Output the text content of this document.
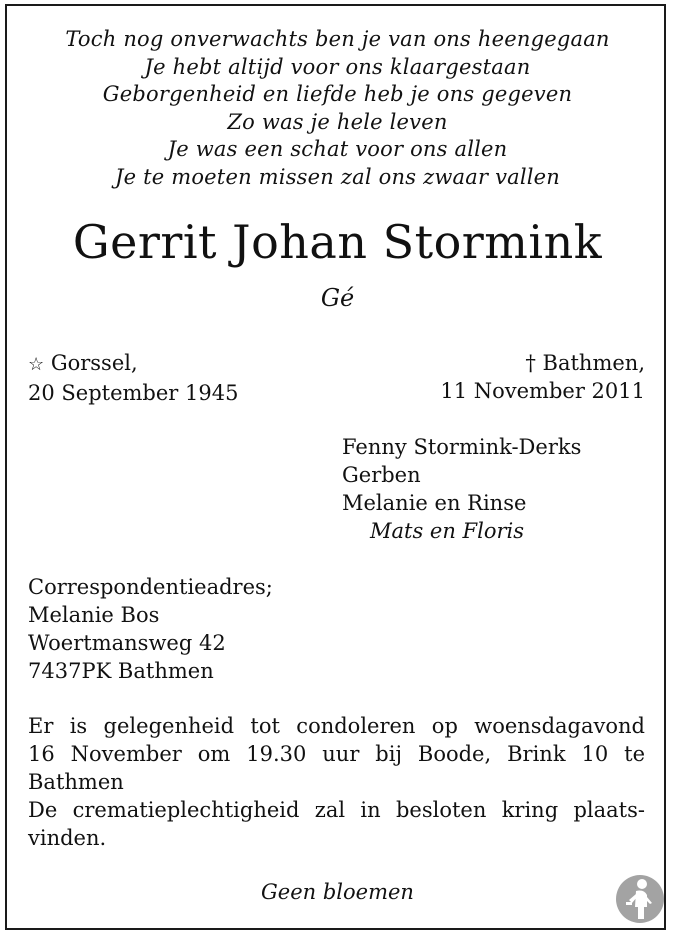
Toch nog onverwachts ben je van ons heengegaan
Je hebt altijd voor ons klaargestaan
Geborgenheid en liefde heb je ons gegeven
Zo was je hele leven
Je was een schat voor ons allen
Je te moeten missen zal ons zwaar vallen
Gerrit Johan Stormink
Gé
☆ Gorssel,
20 September 1945
† Bathmen,
11 November 2011
Fenny Stormink-Derks
Gerben
Melanie en Rinse
Mats en Floris
Correspondentieadres;
Melanie Bos
Woertmansweg 42
7437PK Bathmen
Er is gelegenheid tot condoleren op woensdagavond
16 November om 19.30 uur bij Boode, Brink 10 te
Bathmen
De crematieplechtigheid zal in besloten kring plaats-
vinden.
Geen bloemen
